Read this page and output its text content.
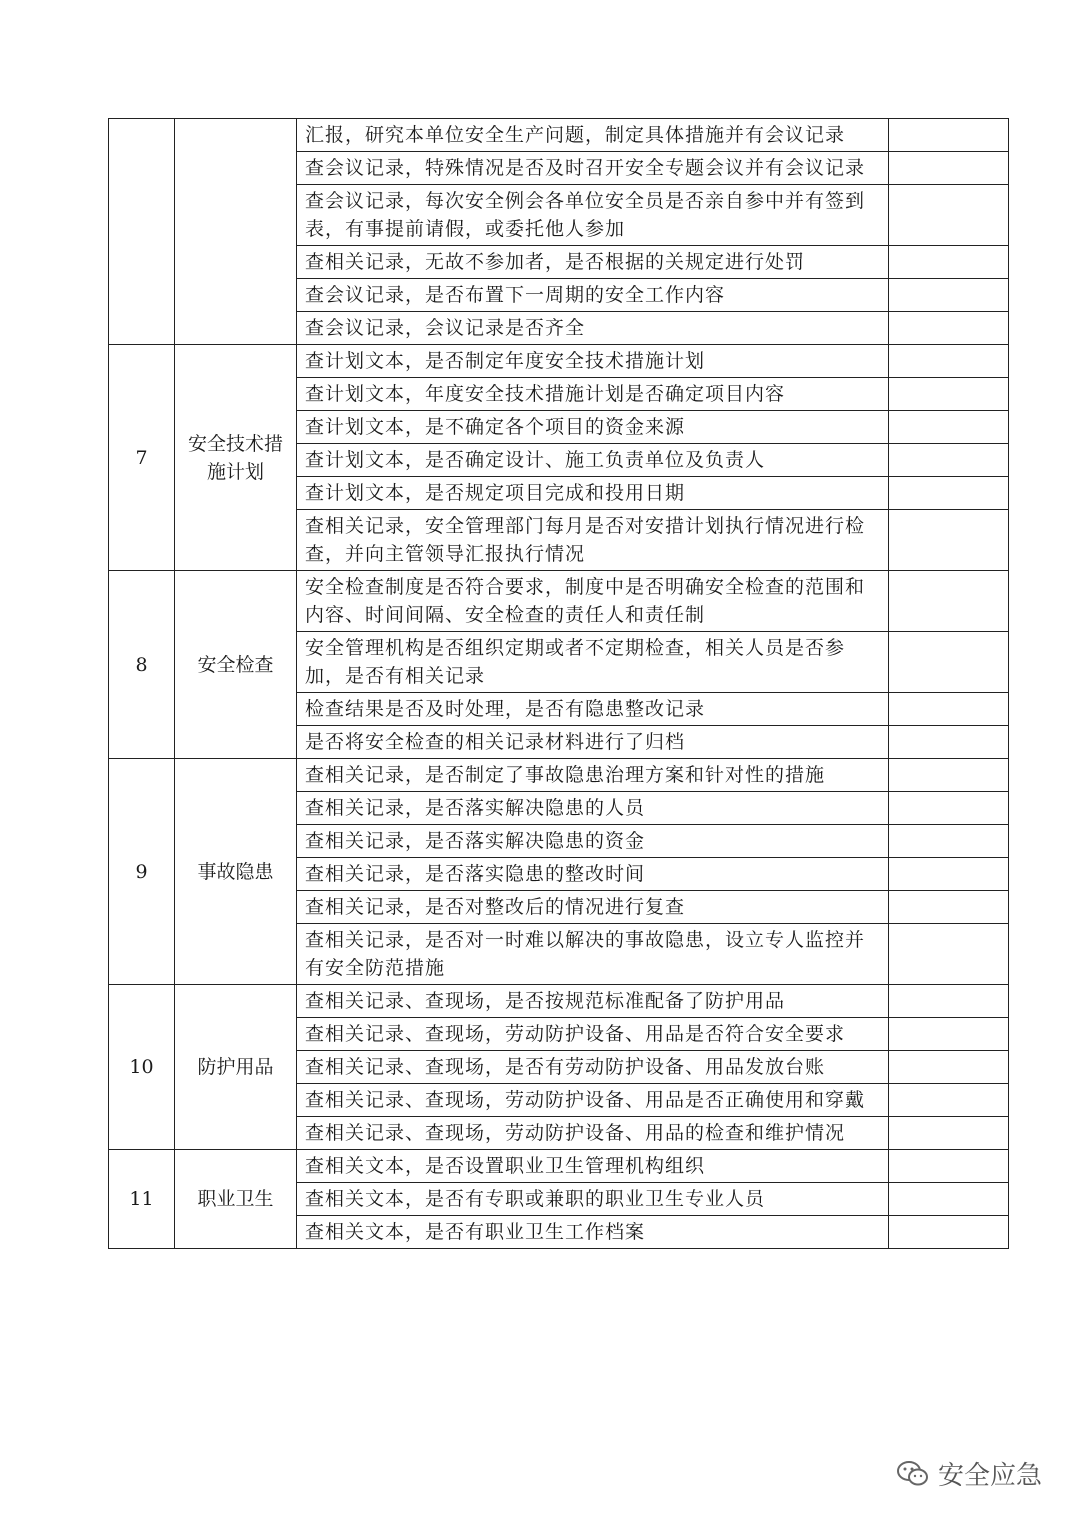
		汇报，研究本单位安全生产问题，制定具体措施并有会议记录	
		查会议记录，特殊情况是否及时召开安全专题会议并有会议记录	
		查会议记录，每次安全例会各单位安全员是否亲自参中并有签到表，有事提前请假，或委托他人参加	
		查相关记录，无故不参加者，是否根据的关规定进行处罚	
		查会议记录，是否布置下一周期的安全工作内容	
		查会议记录，会议记录是否齐全	
7	安全技术措施计划	查计划文本，是否制定年度安全技术措施计划	
		查计划文本，年度安全技术措施计划是否确定项目内容	
		查计划文本，是不确定各个项目的资金来源	
		查计划文本，是否确定设计、施工负责单位及负责人	
		查计划文本，是否规定项目完成和投用日期	
		查相关记录，安全管理部门每月是否对安措计划执行情况进行检查，并向主管领导汇报执行情况	
8	安全检查	安全检查制度是否符合要求，制度中是否明确安全检查的范围和内容、时间间隔、安全检查的责任人和责任制	
		安全管理机构是否组织定期或者不定期检查，相关人员是否参加，是否有相关记录	
		检查结果是否及时处理，是否有隐患整改记录	
		是否将安全检查的相关记录材料进行了归档	
9	事故隐患	查相关记录，是否制定了事故隐患治理方案和针对性的措施	
		查相关记录，是否落实解决隐患的人员	
		查相关记录，是否落实解决隐患的资金	
		查相关记录，是否落实隐患的整改时间	
		查相关记录，是否对整改后的情况进行复查	
		查相关记录，是否对一时难以解决的事故隐患，设立专人监控并有安全防范措施	
10	防护用品	查相关记录、查现场，是否按规范标准配备了防护用品	
		查相关记录、查现场，劳动防护设备、用品是否符合安全要求	
		查相关记录、查现场，是否有劳动防护设备、用品发放台账	
		查相关记录、查现场，劳动防护设备、用品是否正确使用和穿戴	
		查相关记录、查现场，劳动防护设备、用品的检查和维护情况	
11	职业卫生	查相关文本，是否设置职业卫生管理机构组织	
		查相关文本，是否有专职或兼职的职业卫生专业人员	
		查相关文本，是否有职业卫生工作档案	
安全应急
